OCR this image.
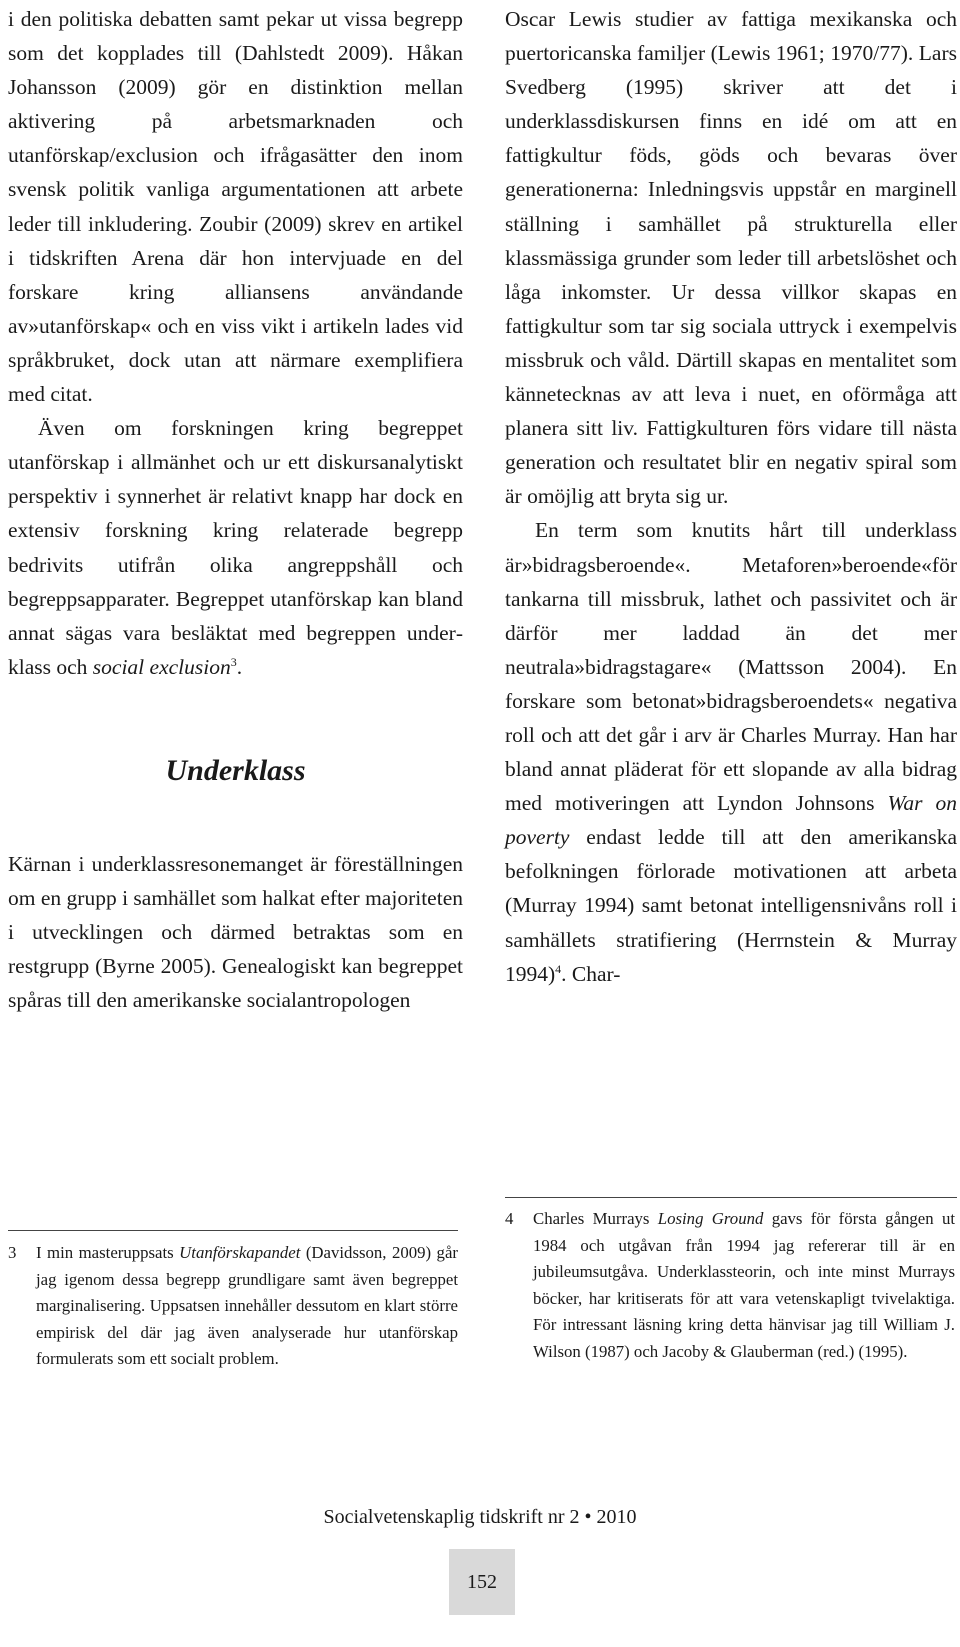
i den politiska debatten samt pekar ut vissa begrepp som det kopplades till (Dahlstedt 2009). Håkan Johansson (2009) gör en distinktion mellan aktivering på arbetsmarknaden och utanförskap/exclusion och ifrågasätter den inom svensk politik vanliga argumentationen att arbete leder till inkludering. Zoubir (2009) skrev en artikel i tidskriften Arena där hon intervjuade en del forskare kring alliansens användande av»utanförskap« och en viss vikt i artikeln lades vid språkbruket, dock utan att närmare exemplifiera med citat.

Även om forskningen kring begreppet utanförskap i allmänhet och ur ett diskursanalytiskt perspektiv i synnerhet är relativt knapp har dock en extensiv forskning kring relaterade begrepp bedrivits utifrån olika angreppshåll och begreppsapparater. Begreppet utanförskap kan bland annat sägas vara besläktat med begreppen underklass och social exclusion$^3$.

Underklass

Kärnan i underklassresonemanget är föreställningen om en grupp i samhället som halkat efter majoriteten i utvecklingen och därmed betraktas som en restgrupp (Byrne 2005). Genealogiskt kan begreppet spåras till den amerikanske socialantropologen

Oscar Lewis studier av fattiga mexikanska och puertoricanska familjer (Lewis 1961; 1970/77). Lars Svedberg (1995) skriver att det i underklassdiskursen finns en idé om att en fattigkultur föds, göds och bevaras över generationerna: Inledningsvis uppstår en marginell ställning i samhället på strukturella eller klassmässiga grunder som leder till arbetslöshet och låga inkomster. Ur dessa villkor skapas en fattigkultur som tar sig sociala uttryck i exempelvis missbruk och våld. Därtill skapas en mentalitet som kännetecknas av att leva i nuet, en oförmåga att planera sitt liv. Fattigkulturen förs vidare till nästa generation och resultatet blir en negativ spiral som är omöjlig att bryta sig ur.

En term som knutits hårt till underklass är»bidragsberoende«. Metaforen»beroende«för tankarna till missbruk, lathet och passivitet och är därför mer laddad än det mer neutrala»bidragstagare« (Mattsson 2004). En forskare som betonat»bidragsberoendets« negativa roll och att det går i arv är Charles Murray. Han har bland annat pläderat för ett slopande av alla bidrag med motiveringen att Lyndon Johnsons War on poverty endast ledde till att den amerikanska befolkningen förlorade motivationen att arbeta (Murray 1994) samt betonat intelligensnivåns roll i samhällets stratifiering (Herrnstein & Murray 1994)$^4$. Char-

3	I min masteruppsats Utanförskapandet (Davidsson, 2009) går jag igenom dessa begrepp grundligare samt även begreppet marginalisering. Uppsatsen innehåller dessutom en klart större empirisk del där jag även analyserade hur utanförskap formulerats som ett socialt problem.
4	Charles Murrays Losing Ground gavs för första gången ut 1984 och utgåvan från 1994 jag refererar till är en jubileumsutgåva. Underklassteorin, och inte minst Murrays böcker, har kritiserats för att vara vetenskapligt tvivelaktiga. För intressant läsning kring detta hänvisar jag till William J. Wilson (1987) och Jacoby & Glauberman (red.) (1995).
Socialvetenskaplig tidskrift nr 2 • 2010
152
